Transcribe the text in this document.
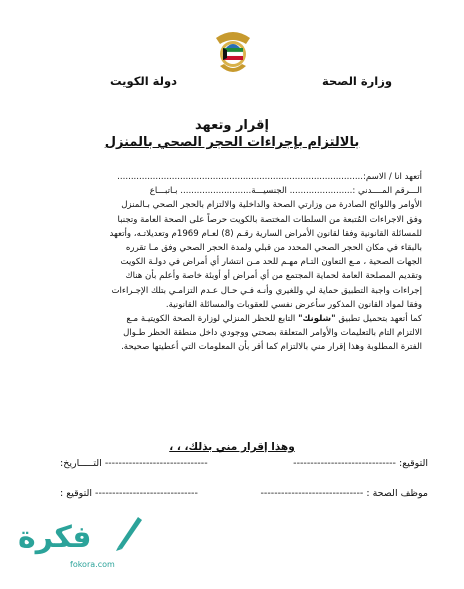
وزارة الصحة
دولة الكويت
إقرار وتعهد
بالالتزام بإجراءات الحجر الصحي بالمنزل
أتعهد انا / الاسم:..........................................................................................
الـــرقم المــــدني :....................... الجنسيـــة.......................... بـاتبـــاع
الأوامر واللوائح الصادرة من وزارتي الصحة والداخلية والالتزام بالحجر الصحي بـالمنزل
وفق الاجراءات المُتبعة من السلطات المختصة بالكويت حرصاً على الصحة العامة وتجنبا
للمسائلة القانونية وفقا لقانون الأمراض السارية رقـم (8) لعـام 1969م وتعديلاتـه، وأتعهد
بالبقاء في مكان الحجر الصحي المحدد من قبلي ولمدة الحجر الصحي وفق مـا تقرره
الجهات الصحية ، مـع التعاون التـام مهـم للحد مـن انتشار أي أمراض في دولـة الكويت
وتقديم المصلحة العامة لحماية المجتمع من أي أمراض أو أوبئة خاصة وأعلم بأن هناك
إجراءات واجبة التطبيق حماية لي وللغيري وأنـه فـي حـال عـدم التزامـي بتلك الإجـراءات
وفقا لمواد القانون المذكور سأعرض نفسي للعقوبات والمسائلة القانونية.
كما أتعهد بتحميل تطبيق "شلونك" التابع للحظر المنزلي لوزارة الصحة الكويتيـة مـع
الالتزام التام بالتعليمات والأوامر المتعلقة بصحتي ووجودي داخل منطقة الحظر طـوال
الفترة المطلوبة وهذا إقرار مني بالالتزام كما أقر بأن المعلومات التي أعطيتها صحيحة.
وهذا إقرار مني بذلك، ، ،
التوقيع: ------------------------------
------------------------------ التـــــاريخ:
موظف الصحة : ------------------------------
------------------------------ التوقيع :
فكرة
fokora.com
